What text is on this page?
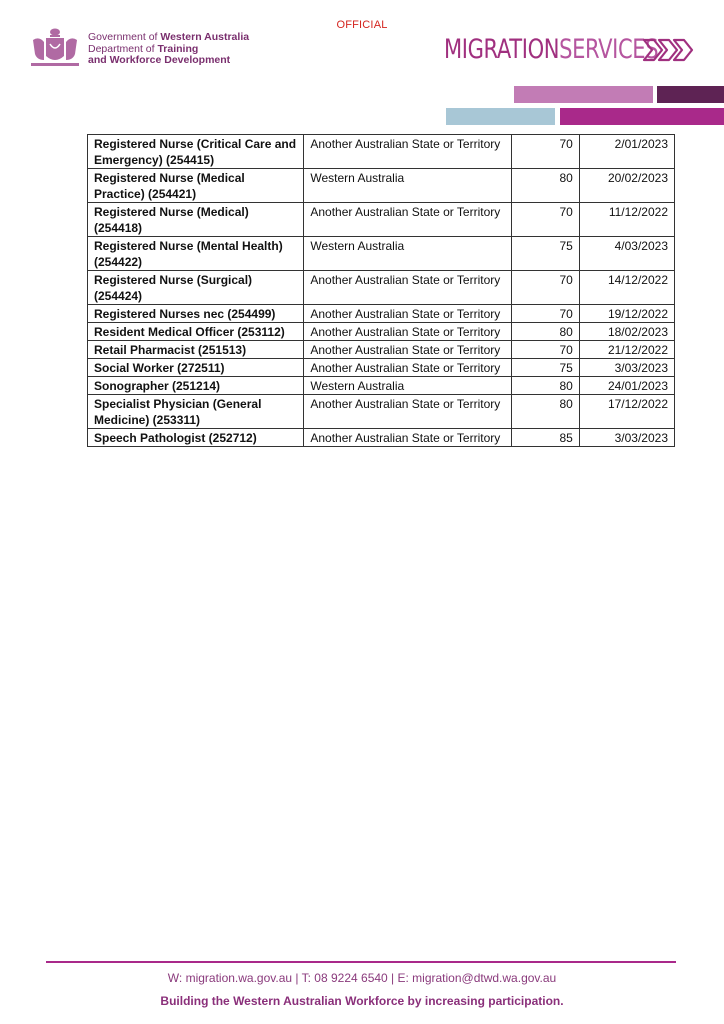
OFFICIAL
Government of Western Australia
Department of Training
and Workforce Development	MIGRATIONSERVICES
Registered Nurse (Critical Care and Emergency) (254415)	Another Australian State or Territory	70	2/01/2023
Registered Nurse (Medical Practice) (254421)	Western Australia	80	20/02/2023
Registered Nurse (Medical) (254418)	Another Australian State or Territory	70	11/12/2022
Registered Nurse (Mental Health) (254422)	Western Australia	75	4/03/2023
Registered Nurse (Surgical) (254424)	Another Australian State or Territory	70	14/12/2022
Registered Nurses nec (254499)	Another Australian State or Territory	70	19/12/2022
Resident Medical Officer (253112)	Another Australian State or Territory	80	18/02/2023
Retail Pharmacist (251513)	Another Australian State or Territory	70	21/12/2022
Social Worker (272511)	Another Australian State or Territory	75	3/03/2023
Sonographer (251214)	Western Australia	80	24/01/2023
Specialist Physician (General Medicine) (253311)	Another Australian State or Territory	80	17/12/2022
Speech Pathologist (252712)	Another Australian State or Territory	85	3/03/2023
W: migration.wa.gov.au | T: 08 9224 6540 | E: migration@dtwd.wa.gov.au
Building the Western Australian Workforce by increasing participation.
